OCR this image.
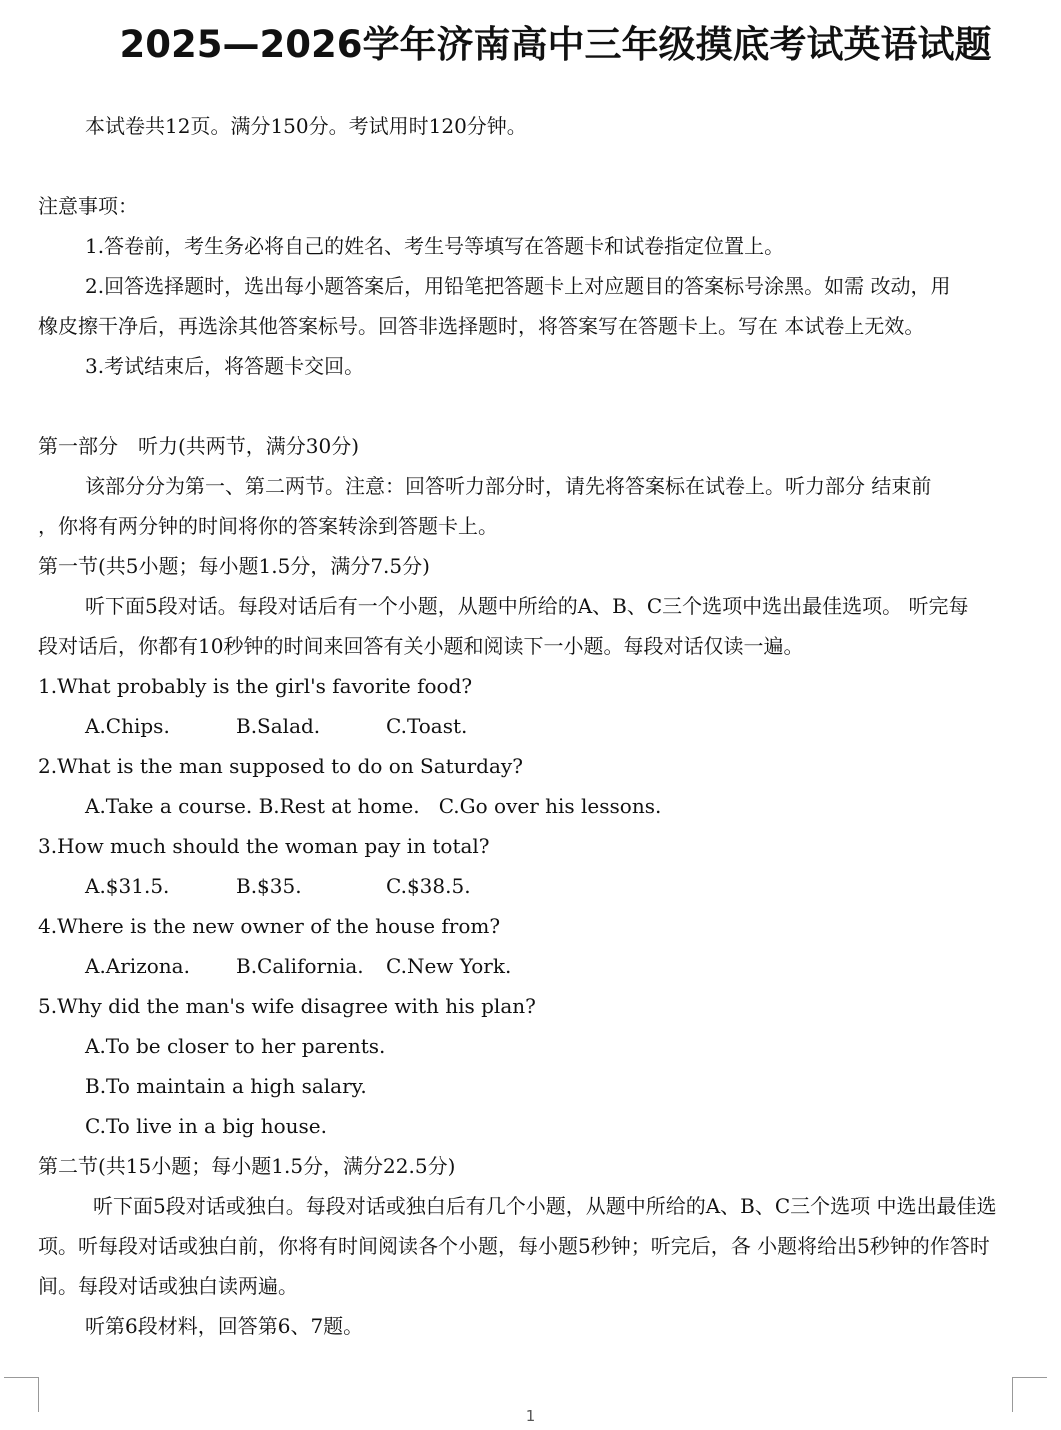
2025—2026学年济南高中三年级摸底考试英语试题
本试卷共12页。满分150分。考试用时120分钟。
注意事项：
1.答卷前，考生务必将自己的姓名、考生号等填写在答题卡和试卷指定位置上。
2.回答选择题时，选出每小题答案后，用铅笔把答题卡上对应题目的答案标号涂黑。如需 改动，用
橡皮擦干净后，再选涂其他答案标号。回答非选择题时，将答案写在答题卡上。写在 本试卷上无效。
3.考试结束后，将答题卡交回。
第一部分　听力(共两节，满分30分)
该部分分为第一、第二两节。注意：回答听力部分时，请先将答案标在试卷上。听力部分 结束前
，你将有两分钟的时间将你的答案转涂到答题卡上。
第一节(共5小题；每小题1.5分，满分7.5分)
听下面5段对话。每段对话后有一个小题，从题中所给的A、B、C三个选项中选出最佳选项。 听完每
段对话后，你都有10秒钟的时间来回答有关小题和阅读下一小题。每段对话仅读一遍。
1.What probably is the girl's favorite food?
A.Chips.	B.Salad.	C.Toast.
2.What is the man supposed to do on Saturday?
A.Take a course. B.Rest at home. C.Go over his lessons.
3.How much should the woman pay in total?
A.$31.5.	B.$35.	C.$38.5.
4.Where is the new owner of the house from?
A.Arizona. B.California. C.New York.
5.Why did the man's wife disagree with his plan?
A.To be closer to her parents.
B.To maintain a high salary.
C.To live in a big house.
第二节(共15小题；每小题1.5分，满分22.5分)
听下面5段对话或独白。每段对话或独白后有几个小题，从题中所给的A、B、C三个选项 中选出最佳选
项。听每段对话或独白前，你将有时间阅读各个小题，每小题5秒钟；听完后，各 小题将给出5秒钟的作答时
间。每段对话或独白读两遍。
听第6段材料，回答第6、7题。
1
